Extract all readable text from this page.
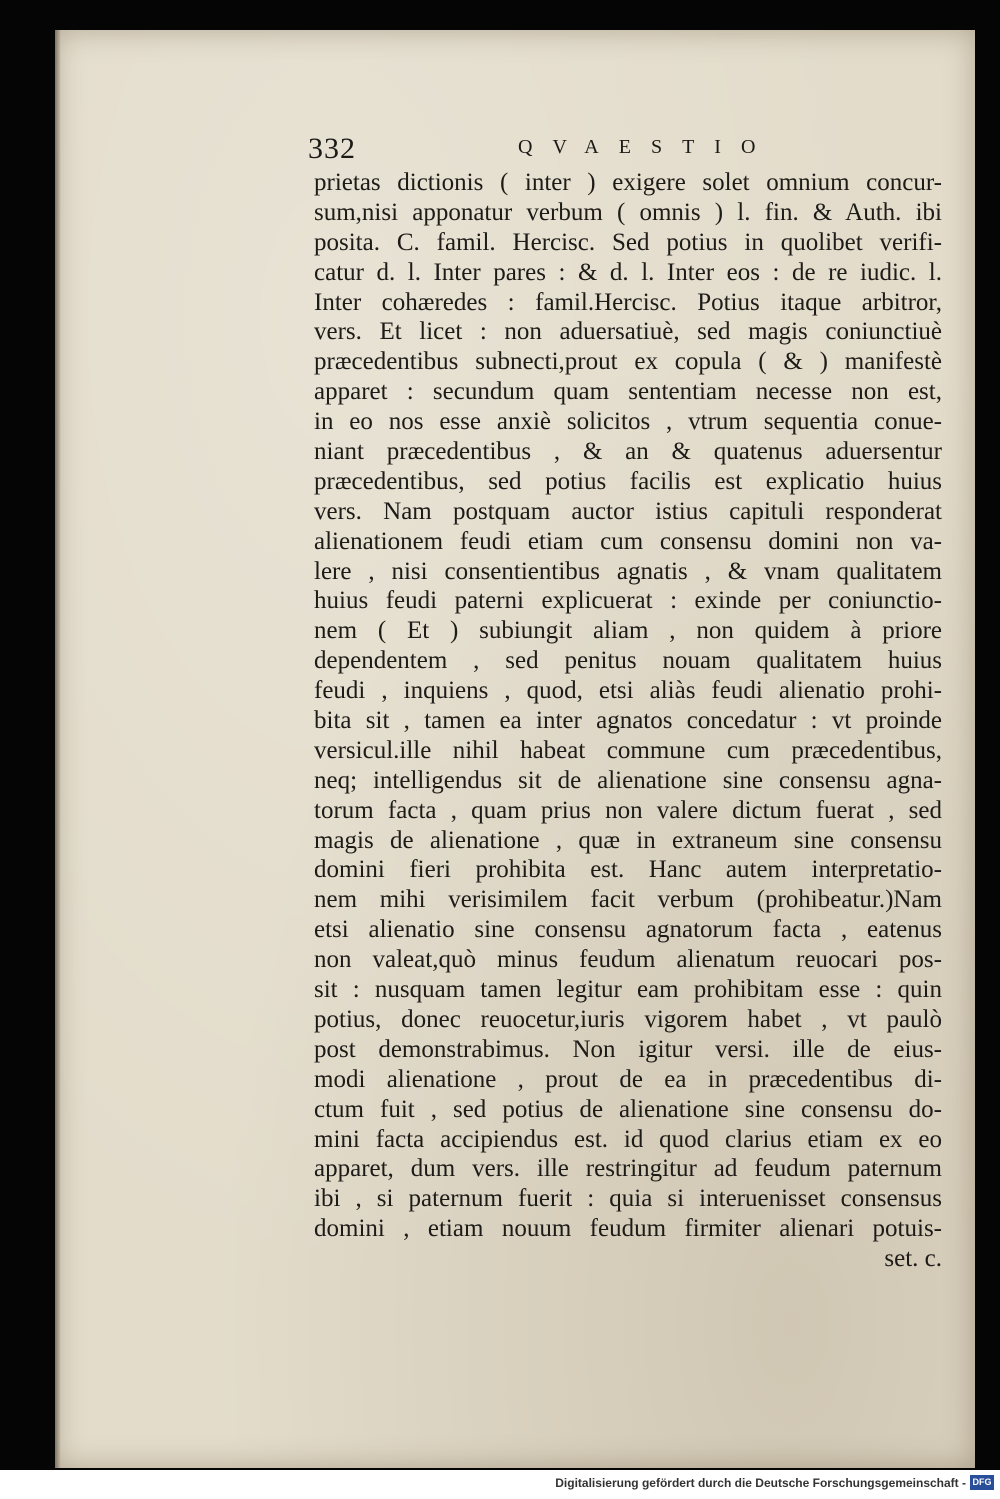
332	QVAESTIO
prietas dictionis ( inter ) exigere solet omnium concur-
sum,nisi apponatur verbum ( omnis ) l. fin. & Auth. ibi
posita. C. famil. Hercisc. Sed potius in quolibet verifi-
catur d. l. Inter pares : & d. l. Inter eos : de re iudic. l.
Inter cohæredes : famil.Hercisc. Potius itaque arbitror,
vers. Et licet : non aduersatiuè, sed magis coniunctiuè
præcedentibus subnecti,prout ex copula ( & ) manifestè
apparet : secundum quam sententiam necesse non est,
in eo nos esse anxiè solicitos , vtrum sequentia conue-
niant præcedentibus , & an & quatenus aduersentur
præcedentibus, sed potius facilis est explicatio huius
vers. Nam postquam auctor istius capituli responderat
alienationem feudi etiam cum consensu domini non va-
lere , nisi consentientibus agnatis , & vnam qualitatem
huius feudi paterni explicuerat : exinde per coniunctio-
nem ( Et ) subiungit aliam , non quidem à priore
dependentem , sed penitus nouam qualitatem huius
feudi , inquiens , quod, etsi aliàs feudi alienatio prohi-
bita sit , tamen ea inter agnatos concedatur : vt proinde
versicul.ille nihil habeat commune cum præcedentibus,
neq; intelligendus sit de alienatione sine consensu agna-
torum facta , quam prius non valere dictum fuerat , sed
magis de alienatione , quæ in extraneum sine consensu
domini fieri prohibita est. Hanc autem interpretatio-
nem mihi verisimilem facit verbum (prohibeatur.)Nam
etsi alienatio sine consensu agnatorum facta , eatenus
non valeat,quò minus feudum alienatum reuocari pos-
sit : nusquam tamen legitur eam prohibitam esse : quin
potius, donec reuocetur,iuris vigorem habet , vt paulò
post demonstrabimus. Non igitur versi. ille de eius-
modi alienatione , prout de ea in præcedentibus di-
ctum fuit , sed potius de alienatione sine consensu do-
mini facta accipiendus est. id quod clarius etiam ex eo
apparet, dum vers. ille restringitur ad feudum paternum
ibi , si paternum fuerit : quia si interuenisset consensus
domini , etiam nouum feudum firmiter alienari potuis-
set. c.
Digitalisierung gefördert durch die Deutsche Forschungsgemeinschaft - DFG
